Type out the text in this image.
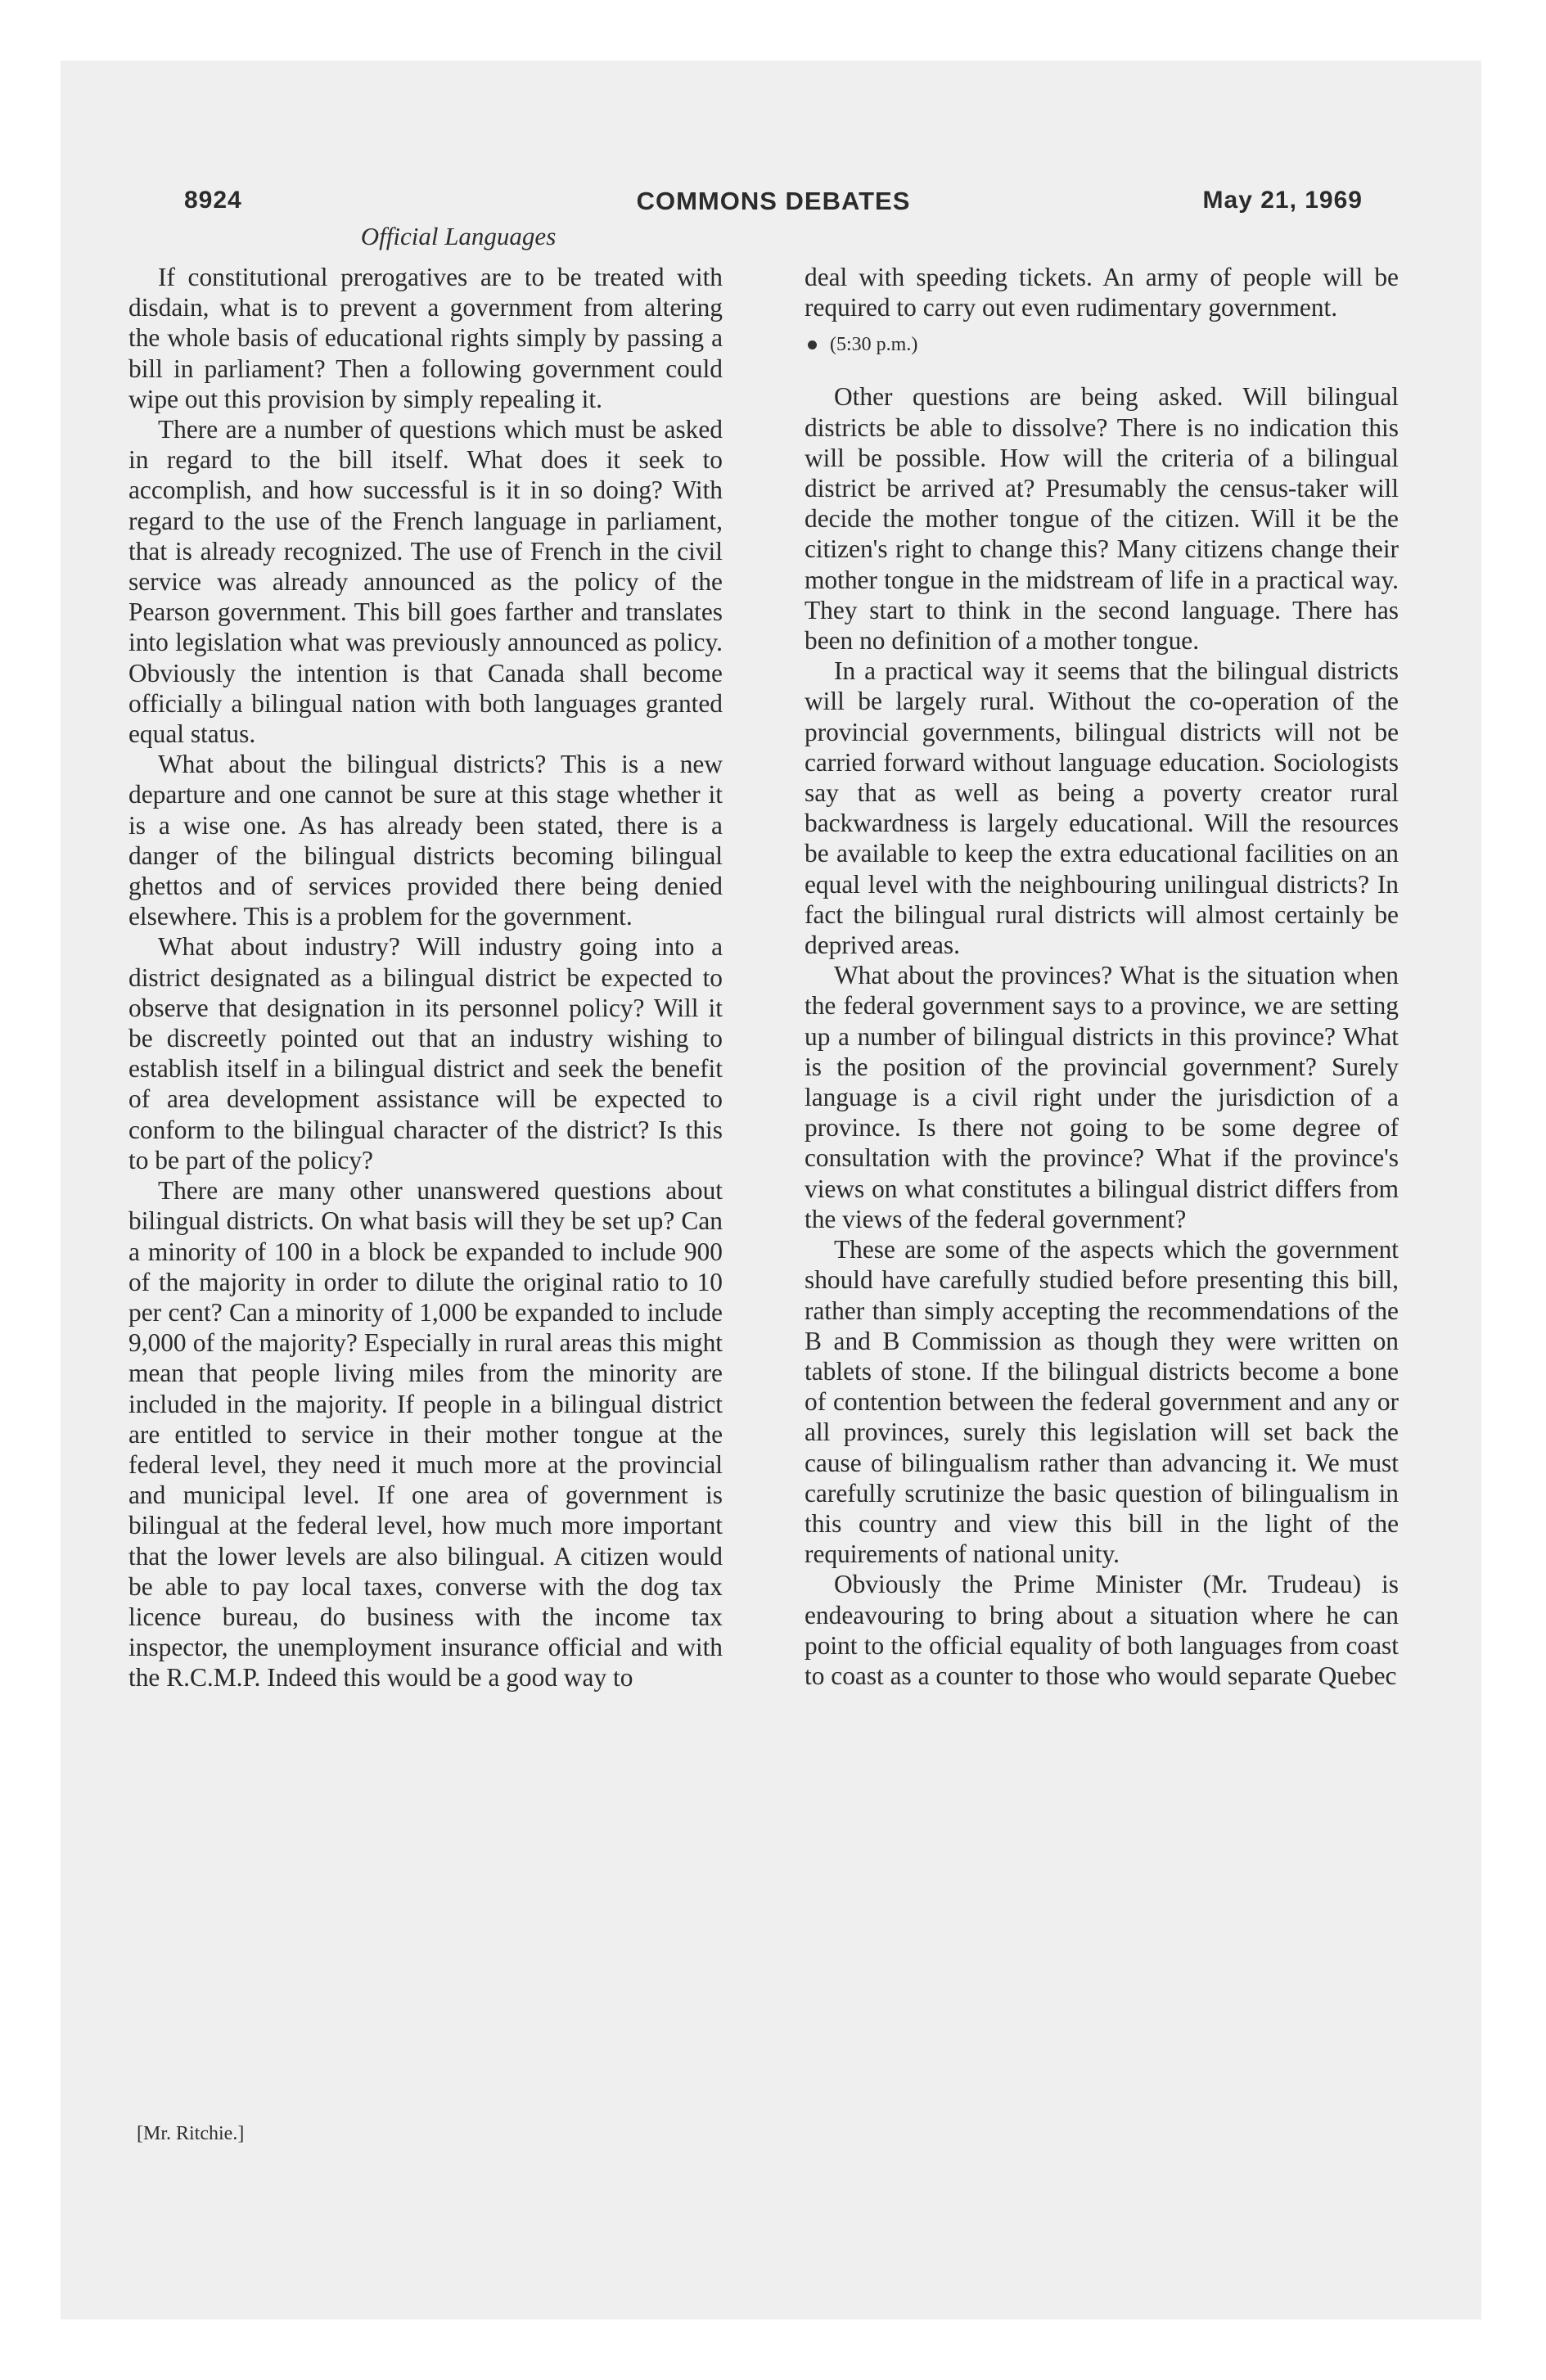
8924	COMMONS DEBATES	May 21, 1969
Official Languages

If constitutional prerogatives are to be treated with disdain, what is to prevent a government from altering the whole basis of educational rights simply by passing a bill in parliament? Then a following government could wipe out this provision by simply repealing it.

There are a number of questions which must be asked in regard to the bill itself. What does it seek to accomplish, and how successful is it in so doing? With regard to the use of the French language in parliament, that is already recognized. The use of French in the civil service was already announced as the policy of the Pearson government. This bill goes farther and translates into legislation what was previously announced as policy. Obviously the intention is that Canada shall become officially a bilingual nation with both languages granted equal status.

What about the bilingual districts? This is a new departure and one cannot be sure at this stage whether it is a wise one. As has already been stated, there is a danger of the bilingual districts becoming bilingual ghettos and of services provided there being denied elsewhere. This is a problem for the government.

What about industry? Will industry going into a district designated as a bilingual district be expected to observe that designation in its personnel policy? Will it be discreetly pointed out that an industry wishing to establish itself in a bilingual district and seek the benefit of area development assistance will be expected to conform to the bilingual character of the district? Is this to be part of the policy?

There are many other unanswered questions about bilingual districts. On what basis will they be set up? Can a minority of 100 in a block be expanded to include 900 of the majority in order to dilute the original ratio to 10 per cent? Can a minority of 1,000 be expanded to include 9,000 of the majority? Especially in rural areas this might mean that people living miles from the minority are included in the majority. If people in a bilingual district are entitled to service in their mother tongue at the federal level, they need it much more at the provincial and municipal level. If one area of government is bilingual at the federal level, how much more important that the lower levels are also bilingual. A citizen would be able to pay local taxes, converse with the dog tax licence bureau, do business with the income tax inspector, the unemployment insurance official and with the R.C.M.P. Indeed this would be a good way to

[Mr. Ritchie.]

deal with speeding tickets. An army of people will be required to carry out even rudimentary government.

(5:30 p.m.)

Other questions are being asked. Will bilingual districts be able to dissolve? There is no indication this will be possible. How will the criteria of a bilingual district be arrived at? Presumably the census-taker will decide the mother tongue of the citizen. Will it be the citizen's right to change this? Many citizens change their mother tongue in the midstream of life in a practical way. They start to think in the second language. There has been no definition of a mother tongue.

In a practical way it seems that the bilingual districts will be largely rural. Without the co-operation of the provincial governments, bilingual districts will not be carried forward without language education. Sociologists say that as well as being a poverty creator rural backwardness is largely educational. Will the resources be available to keep the extra educational facilities on an equal level with the neighbouring unilingual districts? In fact the bilingual rural districts will almost certainly be deprived areas.

What about the provinces? What is the situation when the federal government says to a province, we are setting up a number of bilingual districts in this province? What is the position of the provincial government? Surely language is a civil right under the jurisdiction of a province. Is there not going to be some degree of consultation with the province? What if the province's views on what constitutes a bilingual district differs from the views of the federal government?

These are some of the aspects which the government should have carefully studied before presenting this bill, rather than simply accepting the recommendations of the B and B Commission as though they were written on tablets of stone. If the bilingual districts become a bone of contention between the federal government and any or all provinces, surely this legislation will set back the cause of bilingualism rather than advancing it. We must carefully scrutinize the basic question of bilingualism in this country and view this bill in the light of the requirements of national unity.

Obviously the Prime Minister (Mr. Trudeau) is endeavouring to bring about a situation where he can point to the official equality of both languages from coast to coast as a counter to those who would separate Quebec
